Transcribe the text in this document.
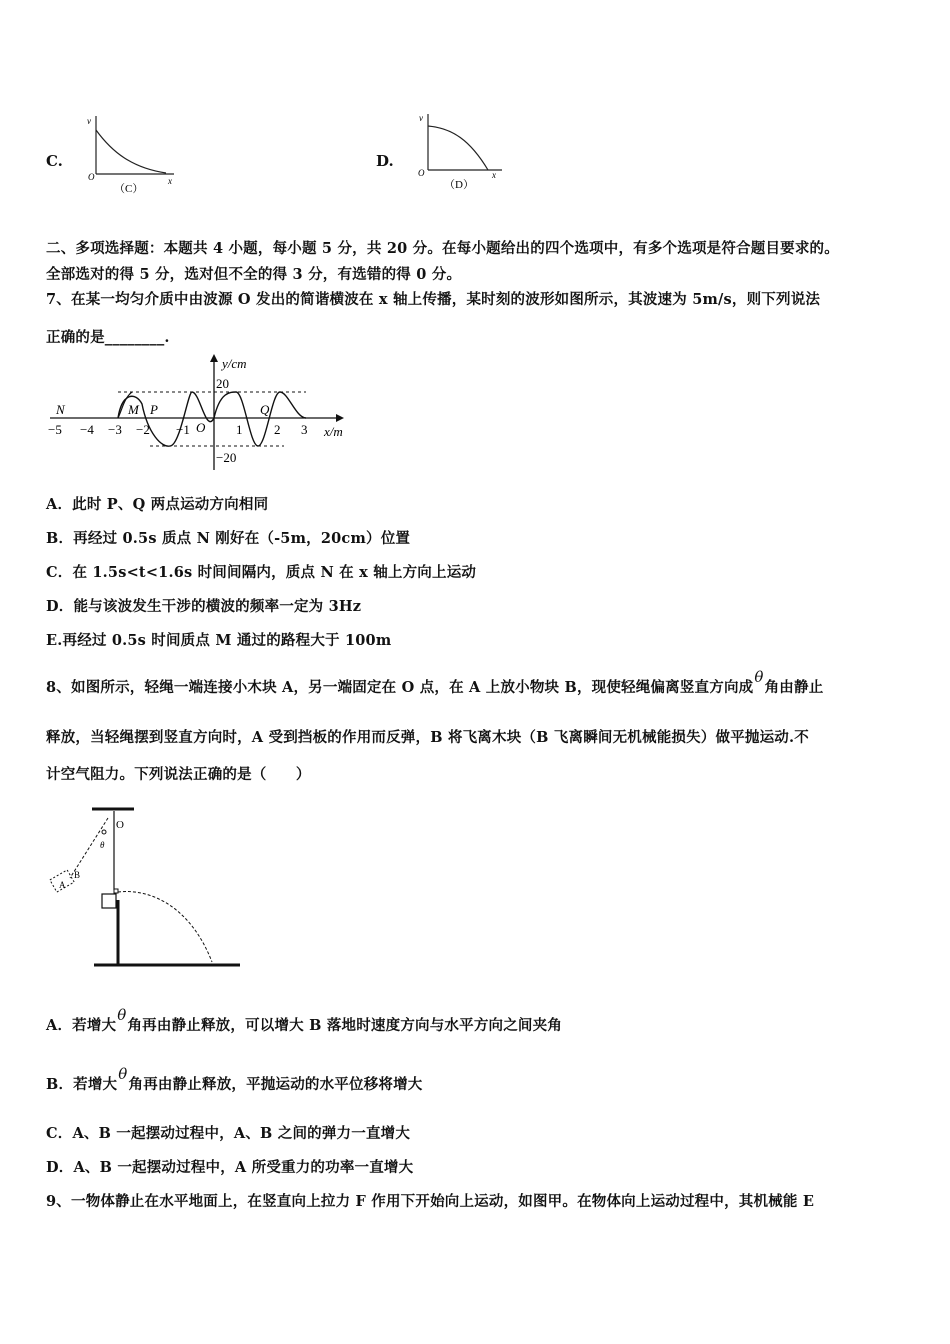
C.
v
O	x
（C）
D.
v
O	x
（D）
二、多项选择题：本题共 4 小题，每小题 5 分，共 20 分。在每小题给出的四个选项中，有多个选项是符合题目要求的。
全部选对的得 5 分，选对但不全的得 3 分，有选错的得 0 分。
7、在某一均匀介质中由波源 O 发出的简谐横波在 x 轴上传播，某时刻的波形如图所示，其波速为 5m/s，则下列说法
正确的是________.
y/cm
x/m
20
−20
O
N	M P	Q
−5 −4 −3 −2 −1	1 2 3
A．此时 P、Q 两点运动方向相同
B．再经过 0.5s 质点 N 刚好在（-5m，20cm）位置
C．在 1.5s<t<1.6s 时间间隔内，质点 N 在 x 轴上方向上运动
D．能与该波发生干涉的横波的频率一定为 3Hz
E.再经过 0.5s 时间质点 M 通过的路程大于 100m
8、如图所示，轻绳一端连接小木块 A，另一端固定在 O 点，在 A 上放小物块 B，现使轻绳偏离竖直方向成θ角由静止
释放，当轻绳摆到竖直方向时，A 受到挡板的作用而反弹，B 将飞离木块（B 飞离瞬间无机械能损失）做平抛运动.不
计空气阻力。下列说法正确的是（　　）
O
θ
A
B
A．若增大θ角再由静止释放，可以增大 B 落地时速度方向与水平方向之间夹角
B．若增大θ角再由静止释放，平抛运动的水平位移将增大
C．A、B 一起摆动过程中，A、B 之间的弹力一直增大
D．A、B 一起摆动过程中，A 所受重力的功率一直增大
9、一物体静止在水平地面上，在竖直向上拉力 F 作用下开始向上运动，如图甲。在物体向上运动过程中，其机械能 E
